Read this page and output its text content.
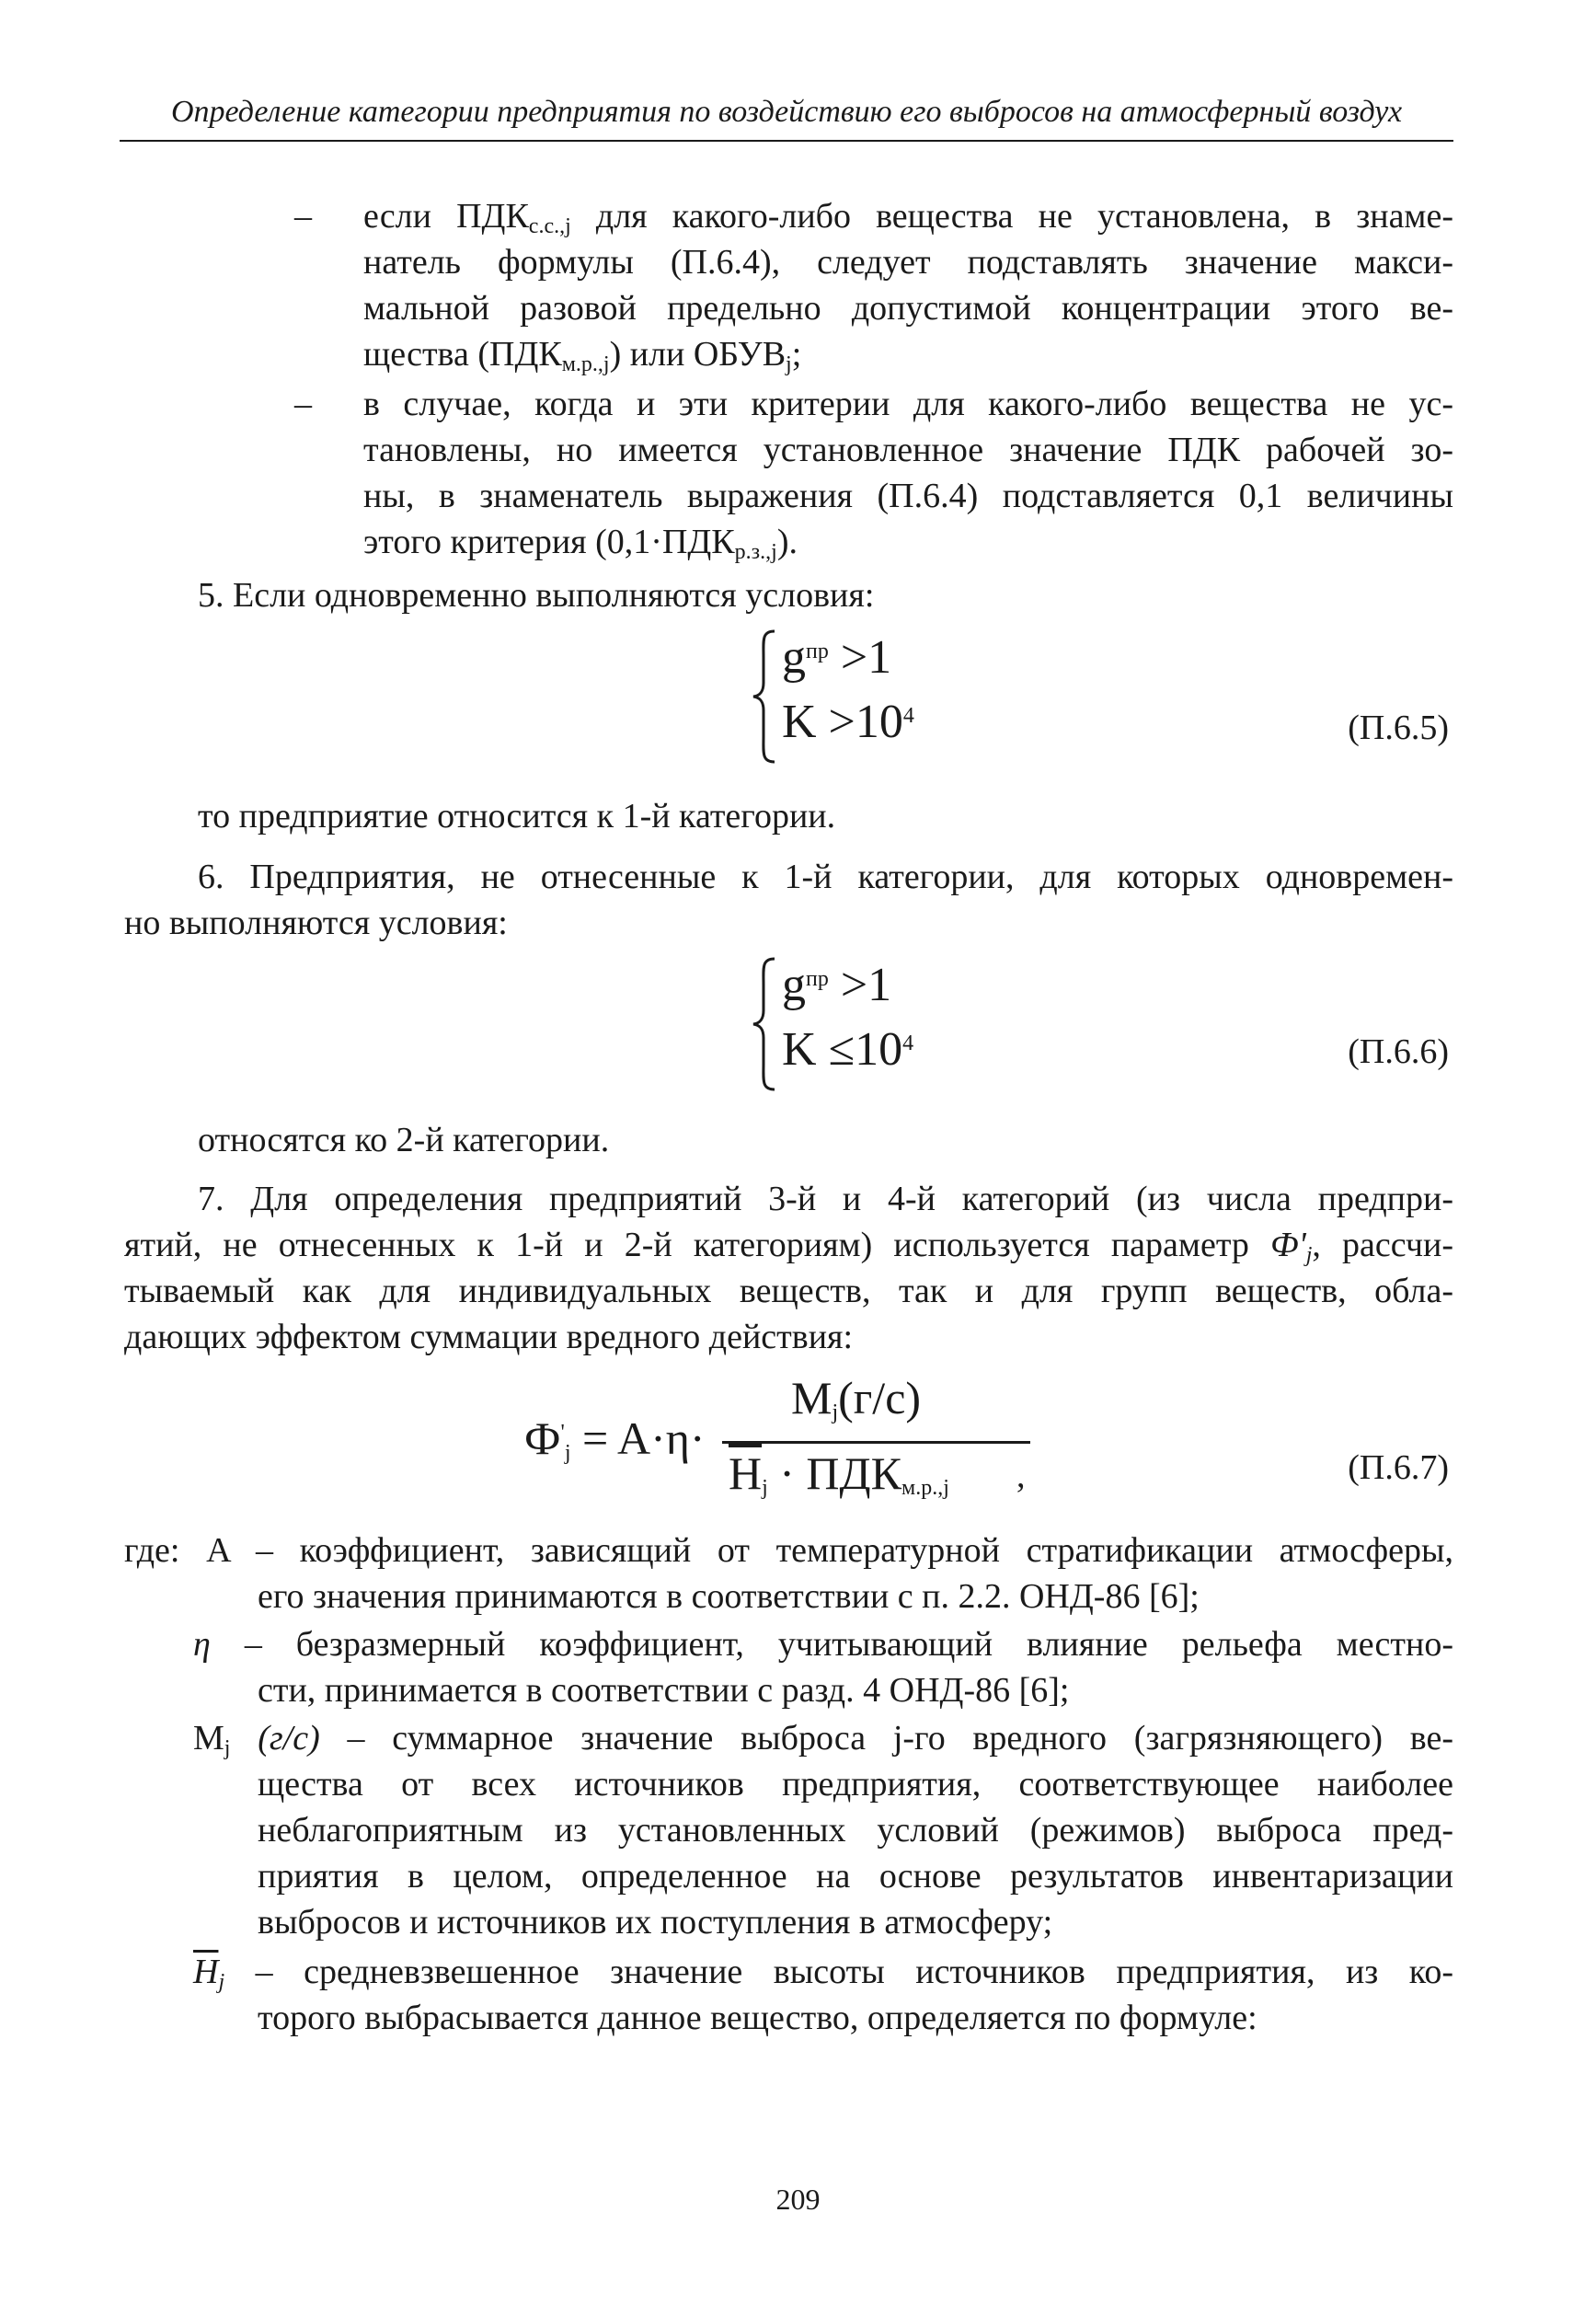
Определение категории предприятия по воздействию его выбросов на атмосферный воздух
– если $ПДК_{с.с.,j}$ для какого-либо вещества не установлена, в знаме-
натель формулы (П.6.4), следует подставлять значение макси-
мальной разовой предельно допустимой концентрации этого ве-
щества $(ПДК_{м.р.,j})$ или $ОБУВ_j$;
– в случае, когда и эти критерии для какого-либо вещества не ус-
тановлены, но имеется установленное значение ПДК рабочей зо-
ны, в знаменатель выражения (П.6.4) подставляется 0,1 величины
этого критерия $(0,1\cdot ПДК_{р.з.,j})$.
5. Если одновременно выполняются условия:
$g^{пр} >1$
$K >10^4$	(П.6.5)
то предприятие относится к 1-й категории.
6. Предприятия, не отнесенные к 1-й категории, для которых одновремен-
но выполняются условия:
$g^{пр} >1$
$K \le 10^4$	(П.6.6)
относятся ко 2-й категории.
7. Для определения предприятий 3-й и 4-й категорий (из числа предпри-
ятий, не отнесенных к 1-й и 2-й категориям) используется параметр $Ф'_j$, рассчи-
тываемый как для индивидуальных веществ, так и для групп веществ, обла-
дающих эффектом суммации вредного действия:
$Ф'_j = A\cdot\eta\cdot$
$M_j(г/с)$
$\overline{H}_j \cdot ПДК_{м.р.,j}$ ,	(П.6.7)
где: A – коэффициент, зависящий от температурной стратификации атмосферы,
его значения принимаются в соответствии с п. 2.2. ОНД-86 [6];
η – безразмерный коэффициент, учитывающий влияние рельефа местно-
сти, принимается в соответствии с разд. 4 ОНД-86 [6];
$M_j$ (г/с) – суммарное значение выброса j-го вредного (загрязняющего) ве-
щества от всех источников предприятия, соответствующее наиболее
неблагоприятным из установленных условий (режимов) выброса пред-
приятия в целом, определенное на основе результатов инвентаризации
выбросов и источников их поступления в атмосферу;
$\overline{H}_j$ – средневзвешенное значение высоты источников предприятия, из ко-
торого выбрасывается данное вещество, определяется по формуле:
209
